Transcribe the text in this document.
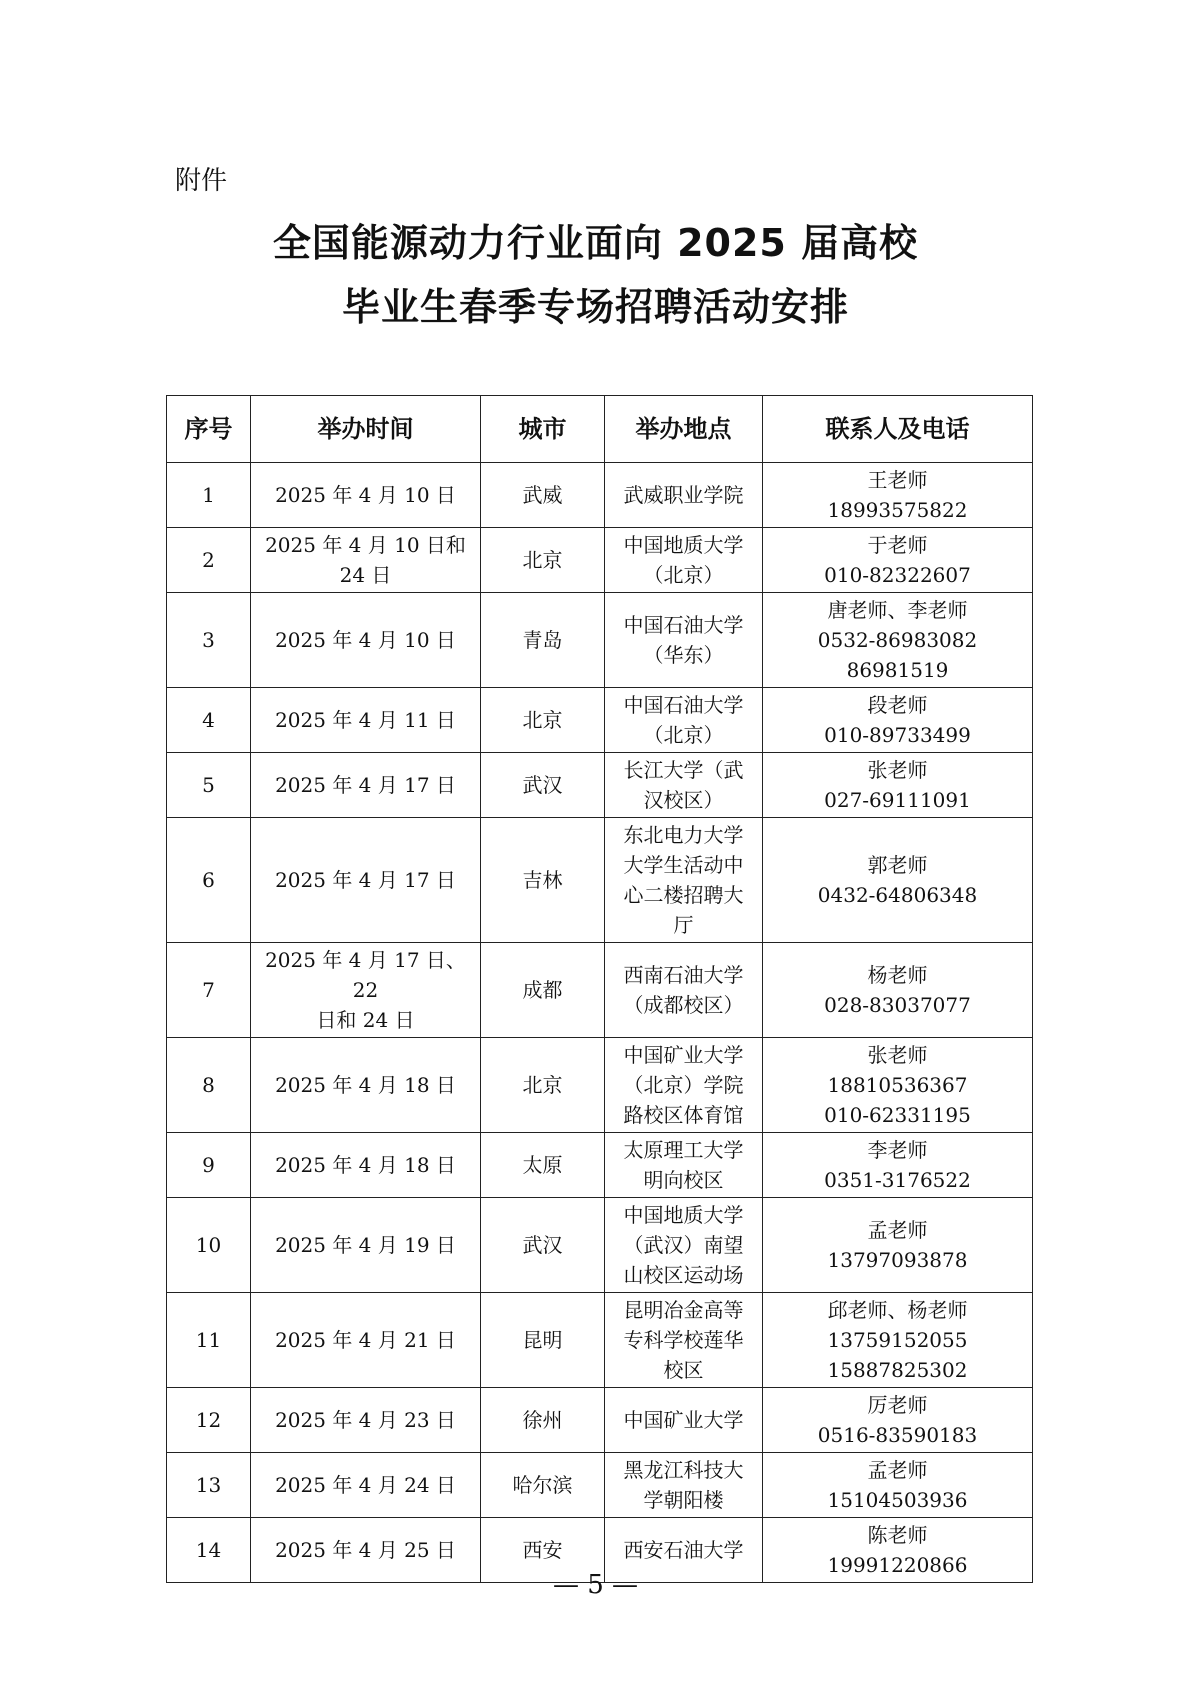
附件
全国能源动力行业面向 2025 届高校
毕业生春季专场招聘活动安排
序号	举办时间	城市	举办地点	联系人及电话
1	2025 年 4 月 10 日	武威	武威职业学院	王老师
18993575822
2	2025 年 4 月 10 日和
24 日	北京	中国地质大学
（北京）	于老师
010-82322607
3	2025 年 4 月 10 日	青岛	中国石油大学
（华东）	唐老师、李老师
0532-86983082
86981519
4	2025 年 4 月 11 日	北京	中国石油大学
（北京）	段老师
010-89733499
5	2025 年 4 月 17 日	武汉	长江大学（武
汉校区）	张老师
027-69111091
6	2025 年 4 月 17 日	吉林	东北电力大学
大学生活动中
心二楼招聘大
厅	郭老师
0432-64806348
7	2025 年 4 月 17 日、22
日和 24 日	成都	西南石油大学
（成都校区）	杨老师
028-83037077
8	2025 年 4 月 18 日	北京	中国矿业大学
（北京）学院
路校区体育馆	张老师
18810536367
010-62331195
9	2025 年 4 月 18 日	太原	太原理工大学
明向校区	李老师
0351-3176522
10	2025 年 4 月 19 日	武汉	中国地质大学
（武汉）南望
山校区运动场	孟老师
13797093878
11	2025 年 4 月 21 日	昆明	昆明冶金高等
专科学校莲华
校区	邱老师、杨老师
13759152055
15887825302
12	2025 年 4 月 23 日	徐州	中国矿业大学	厉老师
0516-83590183
13	2025 年 4 月 24 日	哈尔滨	黑龙江科技大
学朝阳楼	孟老师
15104503936
14	2025 年 4 月 25 日	西安	西安石油大学	陈老师
19991220866
— 5 —
